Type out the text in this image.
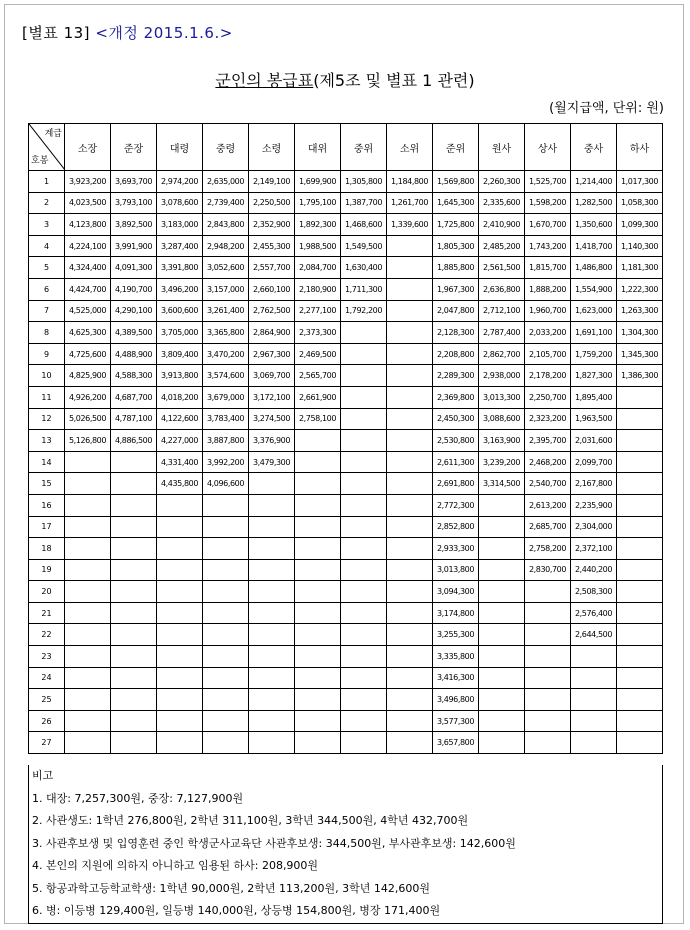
[별표 13] <개정 2015.1.6.>
군인의 봉급표(제5조 및 별표 1 관련)
(월지급액, 단위: 원)
계급
호봉	소장	준장	대령	중령	소령	대위	중위	소위	준위	원사	상사	중사	하사
1	3,923,200	3,693,700	2,974,200	2,635,000	2,149,100	1,699,900	1,305,800	1,184,800	1,569,800	2,260,300	1,525,700	1,214,400	1,017,300
2	4,023,500	3,793,100	3,078,600	2,739,400	2,250,500	1,795,100	1,387,700	1,261,700	1,645,300	2,335,600	1,598,200	1,282,500	1,058,300
3	4,123,800	3,892,500	3,183,000	2,843,800	2,352,900	1,892,300	1,468,600	1,339,600	1,725,800	2,410,900	1,670,700	1,350,600	1,099,300
4	4,224,100	3,991,900	3,287,400	2,948,200	2,455,300	1,988,500	1,549,500		1,805,300	2,485,200	1,743,200	1,418,700	1,140,300
5	4,324,400	4,091,300	3,391,800	3,052,600	2,557,700	2,084,700	1,630,400		1,885,800	2,561,500	1,815,700	1,486,800	1,181,300
6	4,424,700	4,190,700	3,496,200	3,157,000	2,660,100	2,180,900	1,711,300		1,967,300	2,636,800	1,888,200	1,554,900	1,222,300
7	4,525,000	4,290,100	3,600,600	3,261,400	2,762,500	2,277,100	1,792,200		2,047,800	2,712,100	1,960,700	1,623,000	1,263,300
8	4,625,300	4,389,500	3,705,000	3,365,800	2,864,900	2,373,300			2,128,300	2,787,400	2,033,200	1,691,100	1,304,300
9	4,725,600	4,488,900	3,809,400	3,470,200	2,967,300	2,469,500			2,208,800	2,862,700	2,105,700	1,759,200	1,345,300
10	4,825,900	4,588,300	3,913,800	3,574,600	3,069,700	2,565,700			2,289,300	2,938,000	2,178,200	1,827,300	1,386,300
11	4,926,200	4,687,700	4,018,200	3,679,000	3,172,100	2,661,900			2,369,800	3,013,300	2,250,700	1,895,400	
12	5,026,500	4,787,100	4,122,600	3,783,400	3,274,500	2,758,100			2,450,300	3,088,600	2,323,200	1,963,500	
13	5,126,800	4,886,500	4,227,000	3,887,800	3,376,900				2,530,800	3,163,900	2,395,700	2,031,600	
14			4,331,400	3,992,200	3,479,300				2,611,300	3,239,200	2,468,200	2,099,700	
15			4,435,800	4,096,600					2,691,800	3,314,500	2,540,700	2,167,800	
16									2,772,300		2,613,200	2,235,900	
17									2,852,800		2,685,700	2,304,000	
18									2,933,300		2,758,200	2,372,100	
19									3,013,800		2,830,700	2,440,200	
20									3,094,300			2,508,300	
21									3,174,800			2,576,400	
22									3,255,300			2,644,500	
23									3,335,800				
24									3,416,300				
25									3,496,800				
26									3,577,300				
27									3,657,800				
비고
1. 대장: 7,257,300원, 중장: 7,127,900원
2. 사관생도: 1학년 276,800원, 2학년 311,100원, 3학년 344,500원, 4학년 432,700원
3. 사관후보생 및 입영훈련 중인 학생군사교육단 사관후보생: 344,500원, 부사관후보생: 142,600원
4. 본인의 지원에 의하지 아니하고 임용된 하사: 208,900원
5. 항공과학고등학교학생: 1학년 90,000원, 2학년 113,200원, 3학년 142,600원
6. 병: 이등병 129,400원, 일등병 140,000원, 상등병 154,800원, 병장 171,400원
